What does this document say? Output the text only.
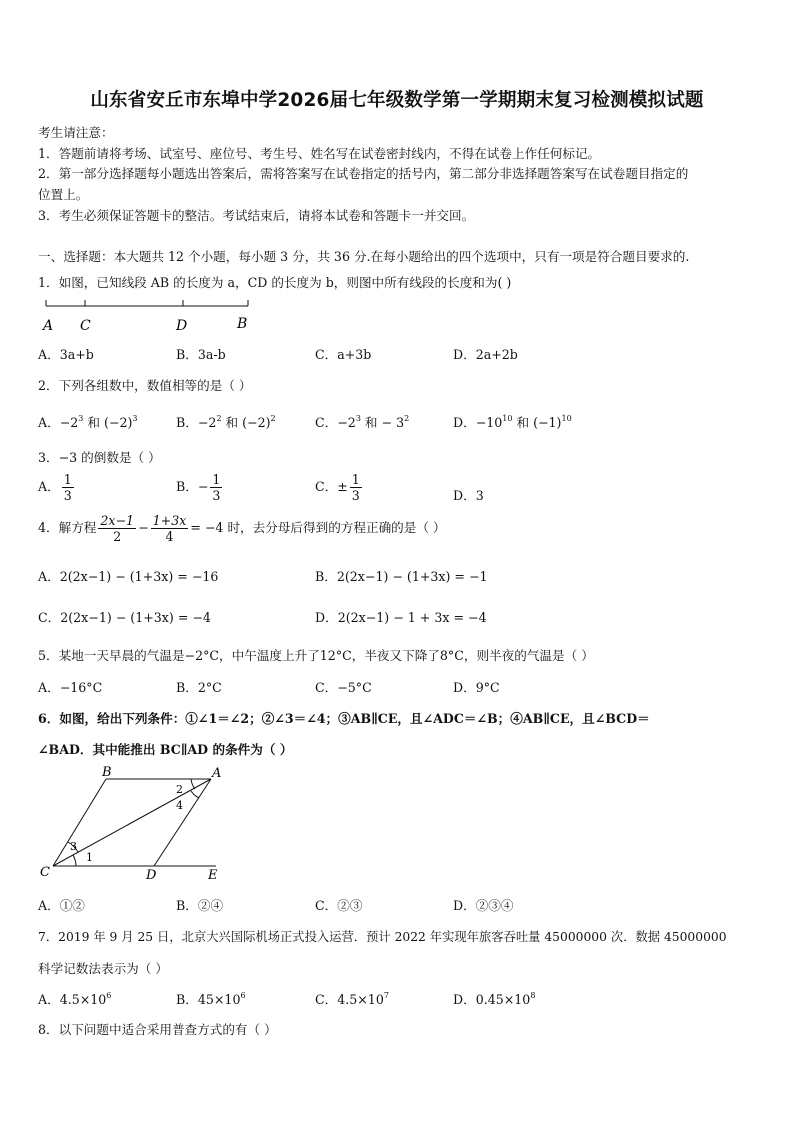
山东省安丘市东埠中学2026届七年级数学第一学期期末复习检测模拟试题
考生请注意：
1．答题前请将考场、试室号、座位号、考生号、姓名写在试卷密封线内，不得在试卷上作任何标记。
2．第一部分选择题每小题选出答案后，需将答案写在试卷指定的括号内，第二部分非选择题答案写在试卷题目指定的
位置上。
3．考生必须保证答题卡的整洁。考试结束后，请将本试卷和答题卡一并交回。
一、选择题：本大题共 12 个小题，每小题 3 分，共 36 分.在每小题给出的四个选项中，只有一项是符合题目要求的.
1．如图，已知线段 AB 的长度为 a，CD 的长度为 b，则图中所有线段的长度和为( )
A C	D	B
A．3a+b	B．3a-b	C．a+3b	D．2a+2b
2．下列各组数中，数值相等的是（ ）
A．$-2^3$ 和 $(-2)^3$	B．$-2^2$ 和 $(-2)^2$	C．$-2^3$ 和 − $3^2$	D．$-10^{10}$ 和 $(-1)^{10}$
3．−3 的倒数是（ ）
A． $\frac{1}{3}$	B．− $\frac{1}{3}$	C．± $\frac{1}{3}$	D．3
4．解方程 $\frac{2x-1}{2} - \frac{1+3x}{4} = -4$ 时，去分母后得到的方程正确的是（ ）
A．2(2x−1) − (1+3x) = −16	B．2(2x−1) − (1+3x) = −1
C．2(2x−1) − (1+3x) = −4	D．2(2x−1) − 1 + 3x = −4
5．某地一天早晨的气温是−2°C，中午温度上升了12°C，半夜又下降了8°C，则半夜的气温是（ ）
A．−16°C	B．2°C	C．−5°C	D．9°C
6．如图，给出下列条件：①∠1＝∠2；②∠3＝∠4；③AB∥CE，且∠ADC＝∠B；④AB∥CE，且∠BCD＝
∠BAD．其中能推出 BC∥AD 的条件为（ ）
B	A
C	D	E
1
3
2
4
A．①②	B．②④	C．②③	D．②③④
7．2019 年 9 月 25 日，北京大兴国际机场正式投入运营．预计 2022 年实现年旅客吞吐量 45000000 次．数据 45000000
科学记数法表示为（ ）
A．$4.5\times 10^6$	B．$45\times 10^6$	C．$4.5\times 10^7$	D．$0.45\times 10^8$
8．以下问题中适合采用普查方式的有（ ）
